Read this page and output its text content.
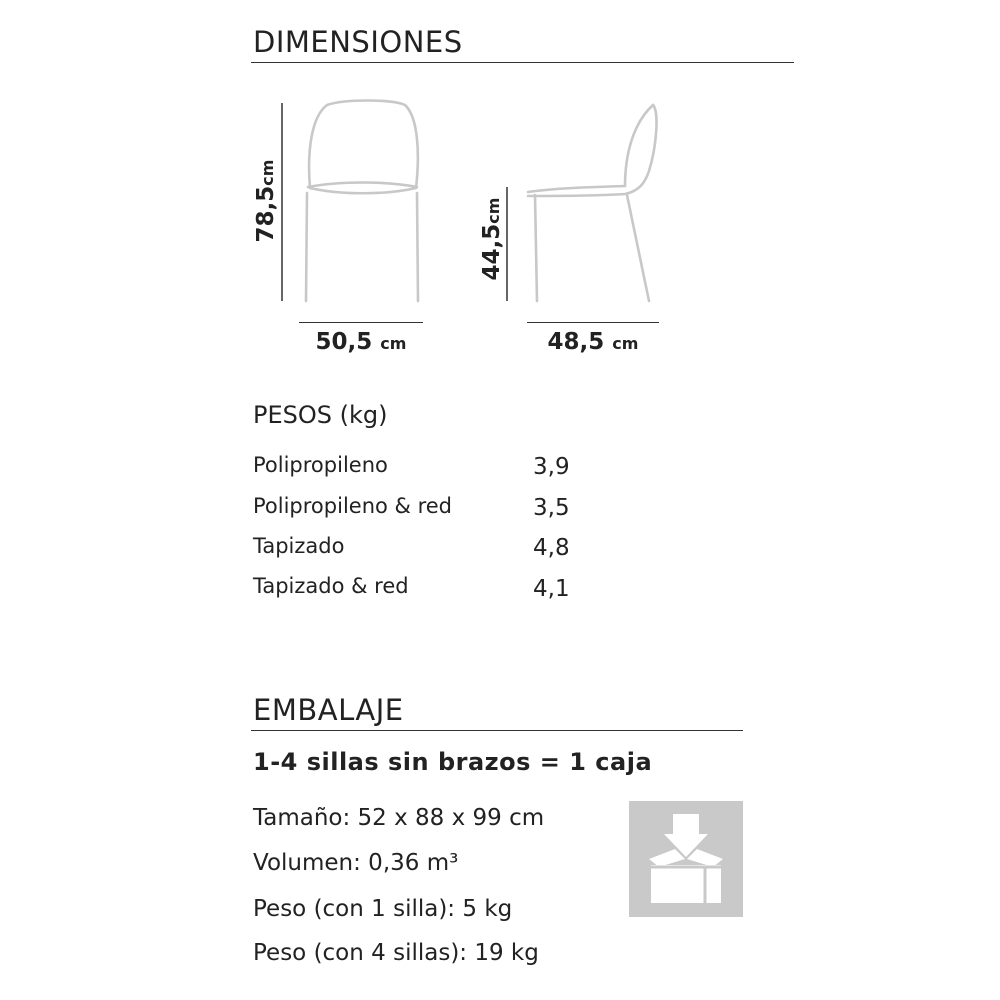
DIMENSIONES
78,5cm
50,5 cm
44,5cm
48,5 cm
PESOS (kg)
Polipropileno	3,9
Polipropileno & red	3,5
Tapizado	4,8
Tapizado & red	4,1
EMBALAJE
1-4 sillas sin brazos = 1 caja
Tamaño: 52 x 88 x 99 cm
Volumen: 0,36 m³
Peso (con 1 silla): 5 kg
Peso (con 4 sillas): 19 kg
